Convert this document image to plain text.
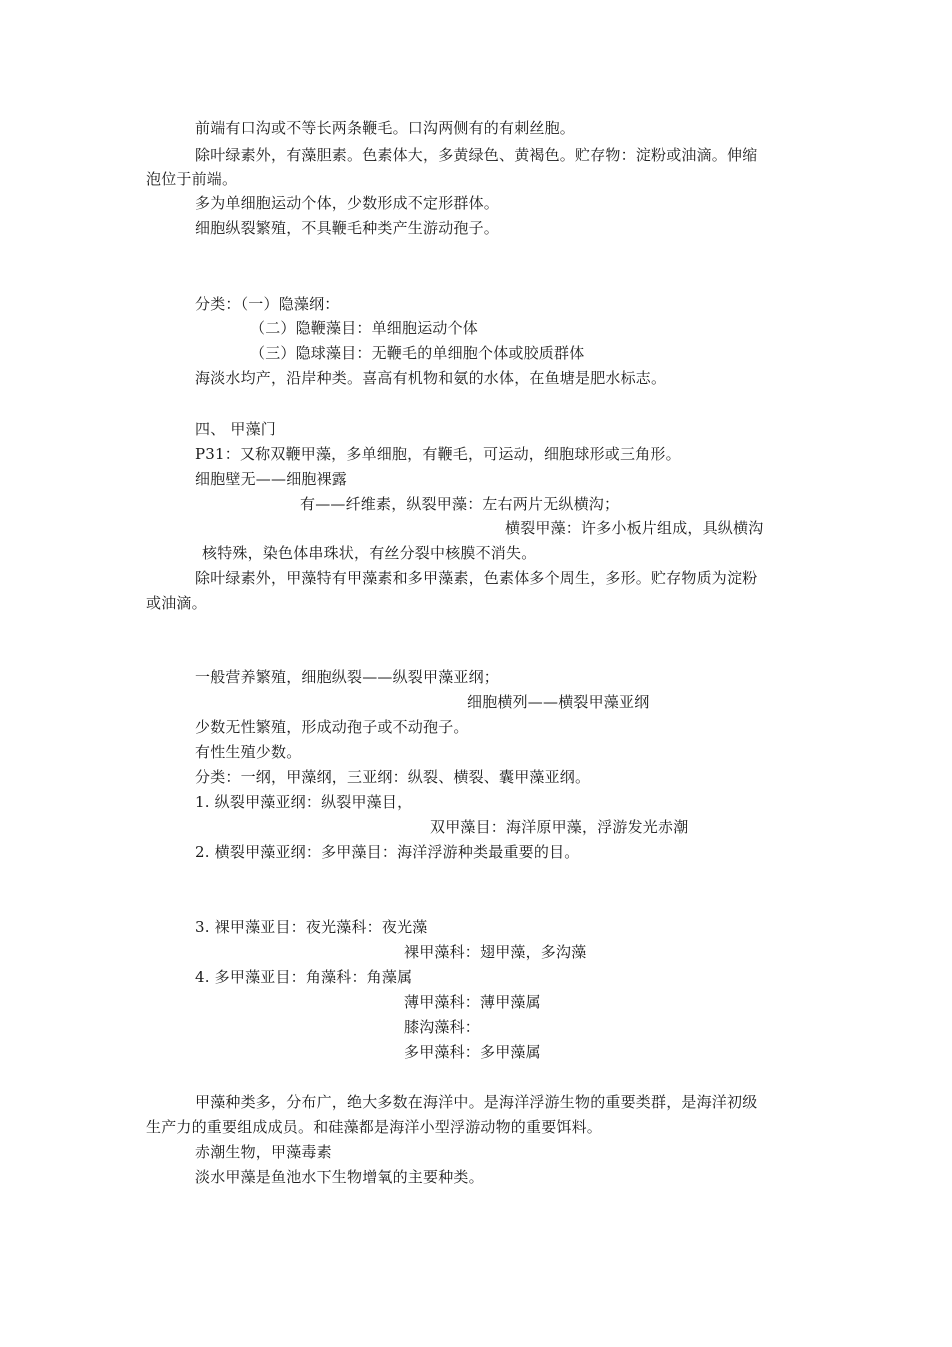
前端有口沟或不等长两条鞭毛。口沟两侧有的有刺丝胞。
除叶绿素外，有藻胆素。色素体大，多黄绿色、黄褐色。贮存物：淀粉或油滴。伸缩
泡位于前端。
多为单细胞运动个体，少数形成不定形群体。
细胞纵裂繁殖，不具鞭毛种类产生游动孢子。
分类：（一）隐藻纲：
（二）隐鞭藻目：单细胞运动个体
（三）隐球藻目：无鞭毛的单细胞个体或胶质群体
海淡水均产，沿岸种类。喜高有机物和氨的水体，在鱼塘是肥水标志。
四、 甲藻门
P31：又称双鞭甲藻，多单细胞，有鞭毛，可运动，细胞球形或三角形。
细胞壁无——细胞裸露
有——纤维素，纵裂甲藻：左右两片无纵横沟；
横裂甲藻：许多小板片组成，具纵横沟
核特殊，染色体串珠状，有丝分裂中核膜不消失。
除叶绿素外，甲藻特有甲藻素和多甲藻素，色素体多个周生，多形。贮存物质为淀粉
或油滴。
一般营养繁殖，细胞纵裂——纵裂甲藻亚纲；
细胞横列——横裂甲藻亚纲
少数无性繁殖，形成动孢子或不动孢子。
有性生殖少数。
分类：一纲，甲藻纲，三亚纲：纵裂、横裂、囊甲藻亚纲。
1. 纵裂甲藻亚纲：纵裂甲藻目，
双甲藻目：海洋原甲藻，浮游发光赤潮
2. 横裂甲藻亚纲：多甲藻目：海洋浮游种类最重要的目。
3. 裸甲藻亚目：夜光藻科：夜光藻
裸甲藻科：翅甲藻，多沟藻
4. 多甲藻亚目：角藻科：角藻属
薄甲藻科：薄甲藻属
膝沟藻科：
多甲藻科：多甲藻属
甲藻种类多，分布广，绝大多数在海洋中。是海洋浮游生物的重要类群，是海洋初级
生产力的重要组成成员。和硅藻都是海洋小型浮游动物的重要饵料。
赤潮生物，甲藻毒素
淡水甲藻是鱼池水下生物增氧的主要种类。
